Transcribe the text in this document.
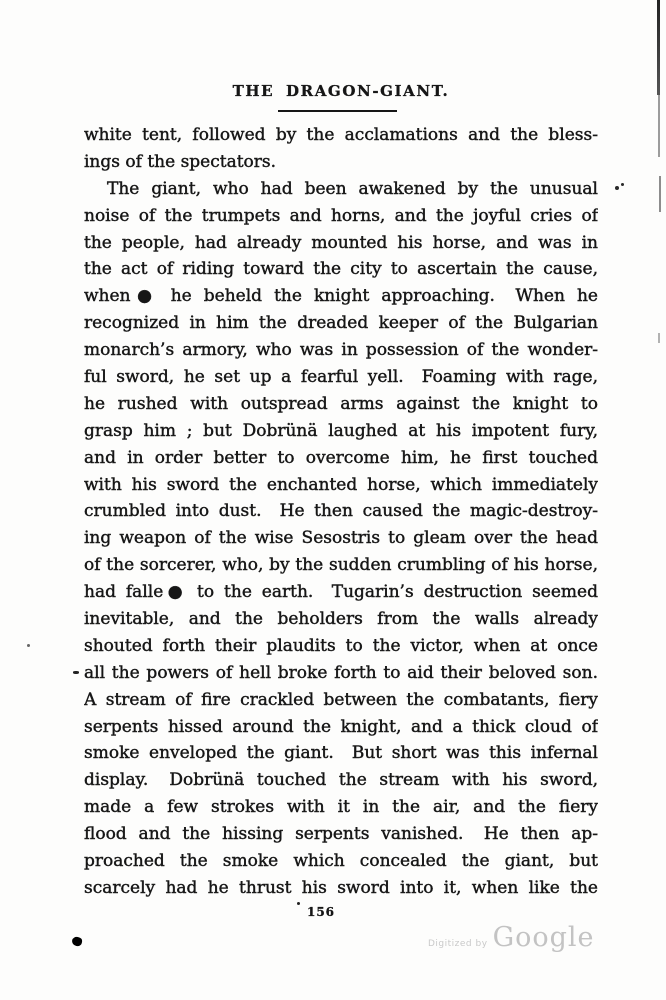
THE DRAGON-GIANT.
white tent, followed by the acclamations and the bless-
ings of the spectators.
The giant, who had been awakened by the unusual
noise of the trumpets and horns, and the joyful cries of
the people, had already mounted his horse, and was in
the act of riding toward the city to ascertain the cause,
when● he beheld the knight approaching.  When he
recognized in him the dreaded keeper of the Bulgarian
monarch’s armory, who was in possession of the wonder-
ful sword, he set up a fearful yell.  Foaming with rage,
he rushed with outspread arms against the knight to
grasp him ; but Dobrünä laughed at his impotent fury,
and in order better to overcome him, he first touched
with his sword the enchanted horse, which immediately
crumbled into dust.  He then caused the magic-destroy-
ing weapon of the wise Sesostris to gleam over the head
of the sorcerer, who, by the sudden crumbling of his horse,
had falle● to the earth.  Tugarin’s destruction seemed
inevitable, and the beholders from the walls already
shouted forth their plaudits to the victor, when at once
all the powers of hell broke forth to aid their beloved son.
A stream of fire crackled between the combatants, fiery
serpents hissed around the knight, and a thick cloud of
smoke enveloped the giant.  But short was this infernal
display.  Dobrünä touched the stream with his sword,
made a few strokes with it in the air, and the fiery
flood and the hissing serpents vanished.  He then ap-
proached the smoke which concealed the giant, but
scarcely had he thrust his sword into it, when like the
156
Digitized by Google
